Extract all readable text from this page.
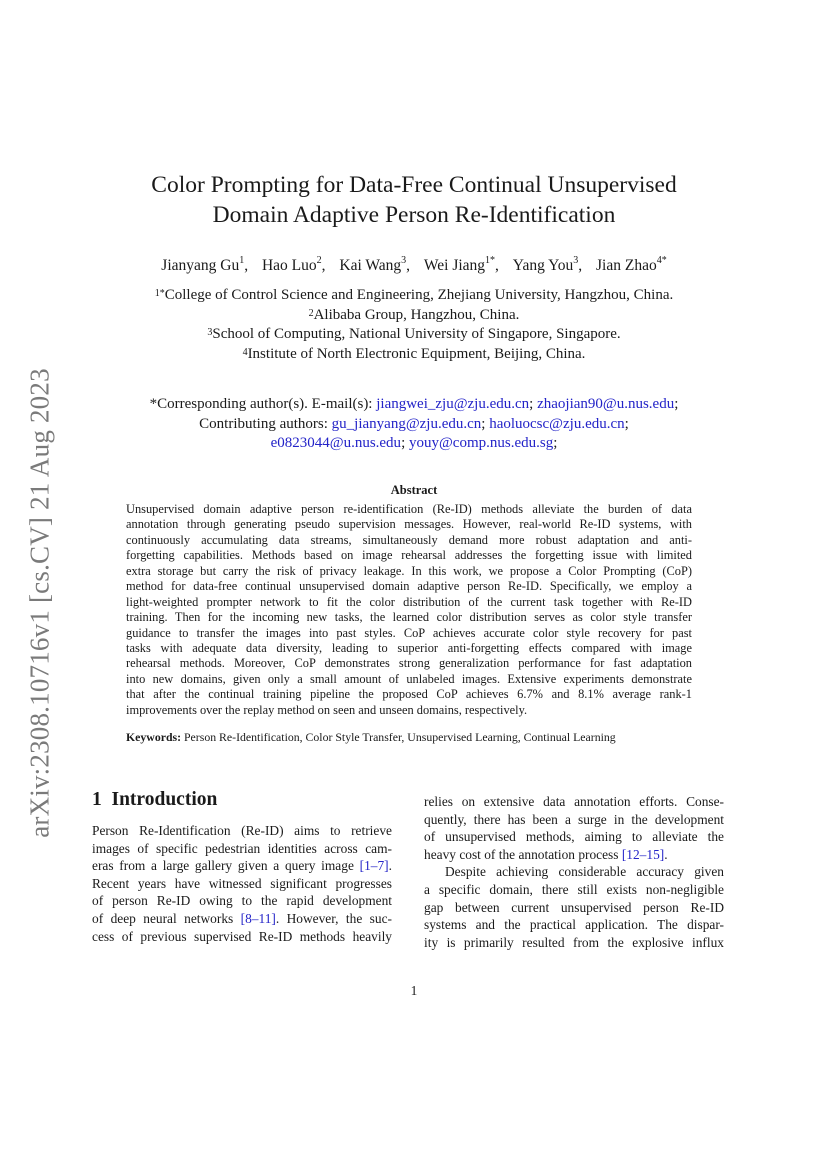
arXiv:2308.10716v1 [cs.CV] 21 Aug 2023
Color Prompting for Data-Free Continual Unsupervised
Domain Adaptive Person Re-Identification
Jianyang Gu$^1$, Hao Luo$^2$, Kai Wang$^3$, Wei Jiang$^{1*}$, Yang You$^3$, Jian Zhao$^{4*}$
$^{1*}$College of Control Science and Engineering, Zhejiang University, Hangzhou, China.
$^2$Alibaba Group, Hangzhou, China.
$^3$School of Computing, National University of Singapore, Singapore.
$^4$Institute of North Electronic Equipment, Beijing, China.
*Corresponding author(s). E-mail(s): jiangwei_zju@zju.edu.cn; zhaojian90@u.nus.edu;
Contributing authors: gu_jianyang@zju.edu.cn; haoluocsc@zju.edu.cn;
e0823044@u.nus.edu; youy@comp.nus.edu.sg;
Abstract
Unsupervised domain adaptive person re-identification (Re-ID) methods alleviate the burden of data
annotation through generating pseudo supervision messages. However, real-world Re-ID systems, with
continuously accumulating data streams, simultaneously demand more robust adaptation and anti-
forgetting capabilities. Methods based on image rehearsal addresses the forgetting issue with limited
extra storage but carry the risk of privacy leakage. In this work, we propose a Color Prompting (CoP)
method for data-free continual unsupervised domain adaptive person Re-ID. Specifically, we employ a
light-weighted prompter network to fit the color distribution of the current task together with Re-ID
training. Then for the incoming new tasks, the learned color distribution serves as color style transfer
guidance to transfer the images into past styles. CoP achieves accurate color style recovery for past
tasks with adequate data diversity, leading to superior anti-forgetting effects compared with image
rehearsal methods. Moreover, CoP demonstrates strong generalization performance for fast adaptation
into new domains, given only a small amount of unlabeled images. Extensive experiments demonstrate
that after the continual training pipeline the proposed CoP achieves 6.7% and 8.1% average rank-1
improvements over the replay method on seen and unseen domains, respectively.
Keywords: Person Re-Identification, Color Style Transfer, Unsupervised Learning, Continual Learning
1 Introduction
Person Re-Identification (Re-ID) aims to retrieve
images of specific pedestrian identities across cam-
eras from a large gallery given a query image [1–7].
Recent years have witnessed significant progresses
of person Re-ID owing to the rapid development
of deep neural networks [8–11]. However, the suc-
cess of previous supervised Re-ID methods heavily
relies on extensive data annotation efforts. Conse-
quently, there has been a surge in the development
of unsupervised methods, aiming to alleviate the
heavy cost of the annotation process [12–15].
Despite achieving considerable accuracy given
a specific domain, there still exists non-negligible
gap between current unsupervised person Re-ID
systems and the practical application. The dispar-
ity is primarily resulted from the explosive influx
1
